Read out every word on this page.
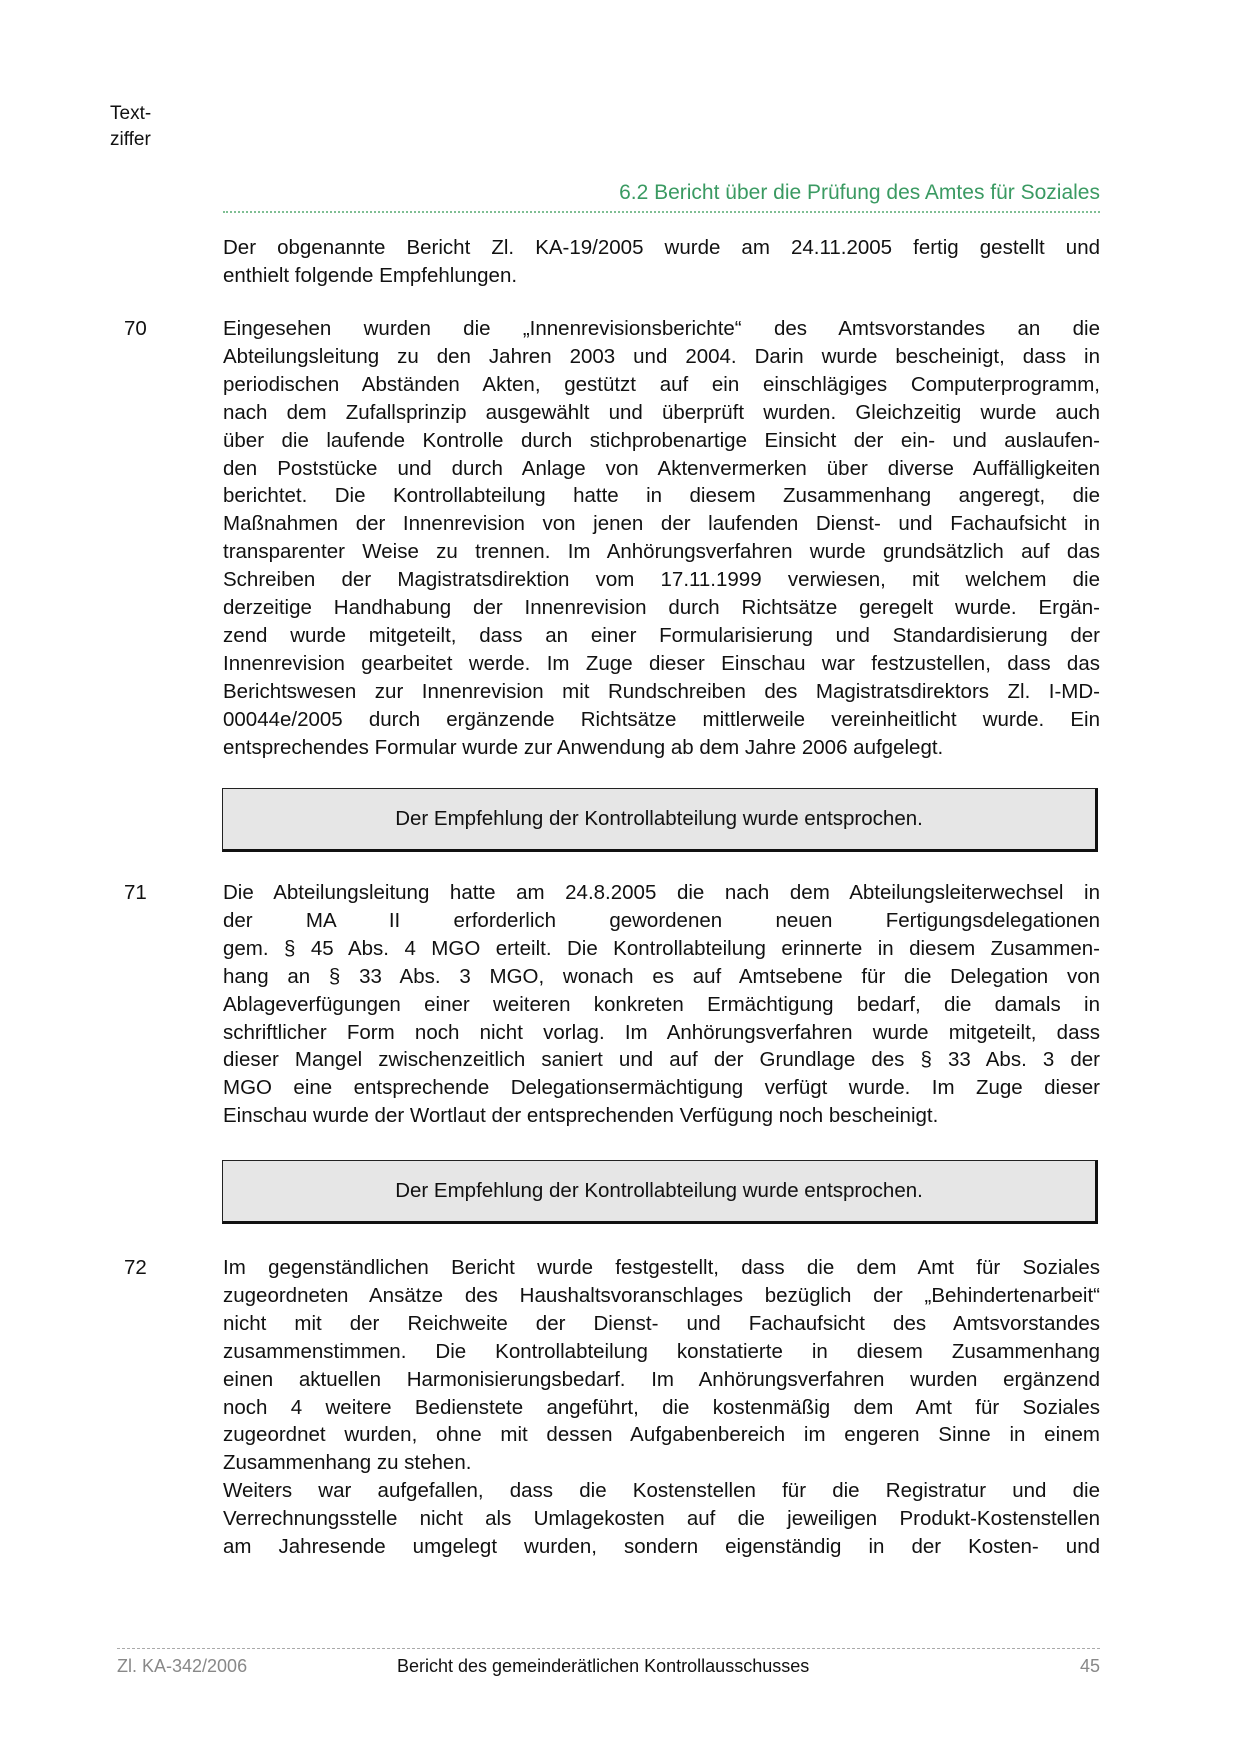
Text-
ziffer
6.2 Bericht über die Prüfung des Amtes für Soziales
Der obgenannte Bericht Zl. KA-19/2005 wurde am 24.11.2005 fertig gestellt und
enthielt folgende Empfehlungen.
70	Eingesehen wurden die „Innenrevisionsberichte“ des Amtsvorstandes an die
Abteilungsleitung zu den Jahren 2003 und 2004. Darin wurde bescheinigt, dass in
periodischen Abständen Akten, gestützt auf ein einschlägiges Computerprogramm,
nach dem Zufallsprinzip ausgewählt und überprüft wurden. Gleichzeitig wurde auch
über die laufende Kontrolle durch stichprobenartige Einsicht der ein- und auslaufen-
den Poststücke und durch Anlage von Aktenvermerken über diverse Auffälligkeiten
berichtet. Die Kontrollabteilung hatte in diesem Zusammenhang angeregt, die
Maßnahmen der Innenrevision von jenen der laufenden Dienst- und Fachaufsicht in
transparenter Weise zu trennen. Im Anhörungsverfahren wurde grundsätzlich auf das
Schreiben der Magistratsdirektion vom 17.11.1999 verwiesen, mit welchem die
derzeitige Handhabung der Innenrevision durch Richtsätze geregelt wurde. Ergän-
zend wurde mitgeteilt, dass an einer Formularisierung und Standardisierung der
Innenrevision gearbeitet werde. Im Zuge dieser Einschau war festzustellen, dass das
Berichtswesen zur Innenrevision mit Rundschreiben des Magistratsdirektors Zl. I-MD-
00044e/2005 durch ergänzende Richtsätze mittlerweile vereinheitlicht wurde. Ein
entsprechendes Formular wurde zur Anwendung ab dem Jahre 2006 aufgelegt.
Der Empfehlung der Kontrollabteilung wurde entsprochen.
71	Die Abteilungsleitung hatte am 24.8.2005 die nach dem Abteilungsleiterwechsel in
der MA II erforderlich gewordenen neuen Fertigungsdelegationen
gem. § 45 Abs. 4 MGO erteilt. Die Kontrollabteilung erinnerte in diesem Zusammen-
hang an § 33 Abs. 3 MGO, wonach es auf Amtsebene für die Delegation von
Ablageverfügungen einer weiteren konkreten Ermächtigung bedarf, die damals in
schriftlicher Form noch nicht vorlag. Im Anhörungsverfahren wurde mitgeteilt, dass
dieser Mangel zwischenzeitlich saniert und auf der Grundlage des § 33 Abs. 3 der
MGO eine entsprechende Delegationsermächtigung verfügt wurde. Im Zuge dieser
Einschau wurde der Wortlaut der entsprechenden Verfügung noch bescheinigt.
Der Empfehlung der Kontrollabteilung wurde entsprochen.
72	Im gegenständlichen Bericht wurde festgestellt, dass die dem Amt für Soziales
zugeordneten Ansätze des Haushaltsvoranschlages bezüglich der „Behindertenarbeit“
nicht mit der Reichweite der Dienst- und Fachaufsicht des Amtsvorstandes
zusammenstimmen. Die Kontrollabteilung konstatierte in diesem Zusammenhang
einen aktuellen Harmonisierungsbedarf. Im Anhörungsverfahren wurden ergänzend
noch 4 weitere Bedienstete angeführt, die kostenmäßig dem Amt für Soziales
zugeordnet wurden, ohne mit dessen Aufgabenbereich im engeren Sinne in einem
Zusammenhang zu stehen.
Weiters war aufgefallen, dass die Kostenstellen für die Registratur und die
Verrechnungsstelle nicht als Umlagekosten auf die jeweiligen Produkt-Kostenstellen
am Jahresende umgelegt wurden, sondern eigenständig in der Kosten- und
Zl. KA-342/2006	Bericht des gemeinderätlichen Kontrollausschusses	45
